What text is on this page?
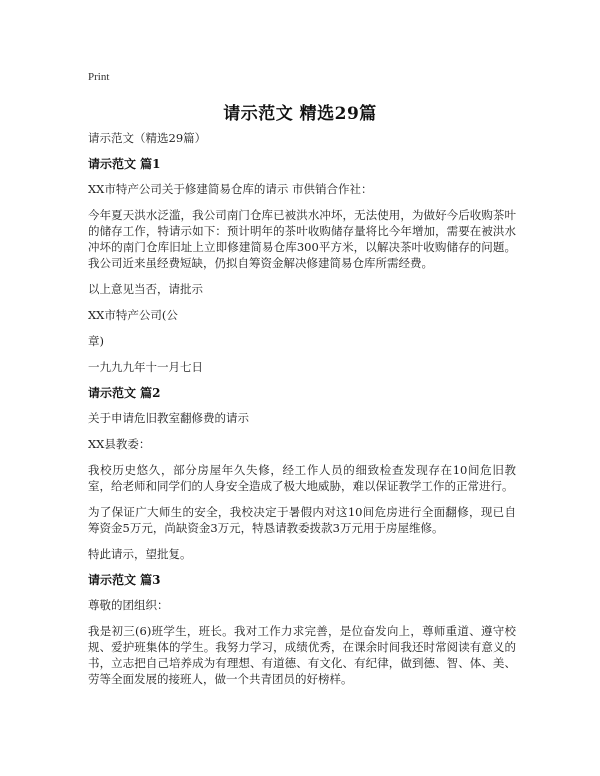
Print
请示范文 精选29篇

请示范文（精选29篇）

请示范文 篇1

XX市特产公司关于修建简易仓库的请示 市供销合作社：

今年夏天洪水泛滥，我公司南门仓库已被洪水冲坏，无法使用，为做好今后收购茶叶的储存工作，特请示如下：预计明年的茶叶收购储存量将比今年增加，需要在被洪水冲坏的南门仓库旧址上立即修建简易仓库300平方米，以解决茶叶收购储存的问题。我公司近来虽经费短缺，仍拟自筹资金解决修建简易仓库所需经费。

以上意见当否，请批示

XX市特产公司(公

章)

一九九九年十一月七日

请示范文 篇2

关于申请危旧教室翻修费的请示

XX县教委：

我校历史悠久，部分房屋年久失修，经工作人员的细致检查发现存在10间危旧教室，给老师和同学们的人身安全造成了极大地威胁，难以保证教学工作的正常进行。

为了保证广大师生的安全，我校决定于暑假内对这10间危房进行全面翻修，现已自筹资金5万元，尚缺资金3万元，特恳请教委拨款3万元用于房屋维修。

特此请示，望批复。

请示范文 篇3

尊敬的团组织：

我是初三(6)班学生，班长。我对工作力求完善，是位奋发向上，尊师重道、遵守校规、爱护班集体的学生。我努力学习，成绩优秀，在课余时间我还时常阅读有意义的书，立志把自己培养成为有理想、有道德、有文化、有纪律，做到德、智、体、美、劳等全面发展的接班人，做一个共青团员的好榜样。
